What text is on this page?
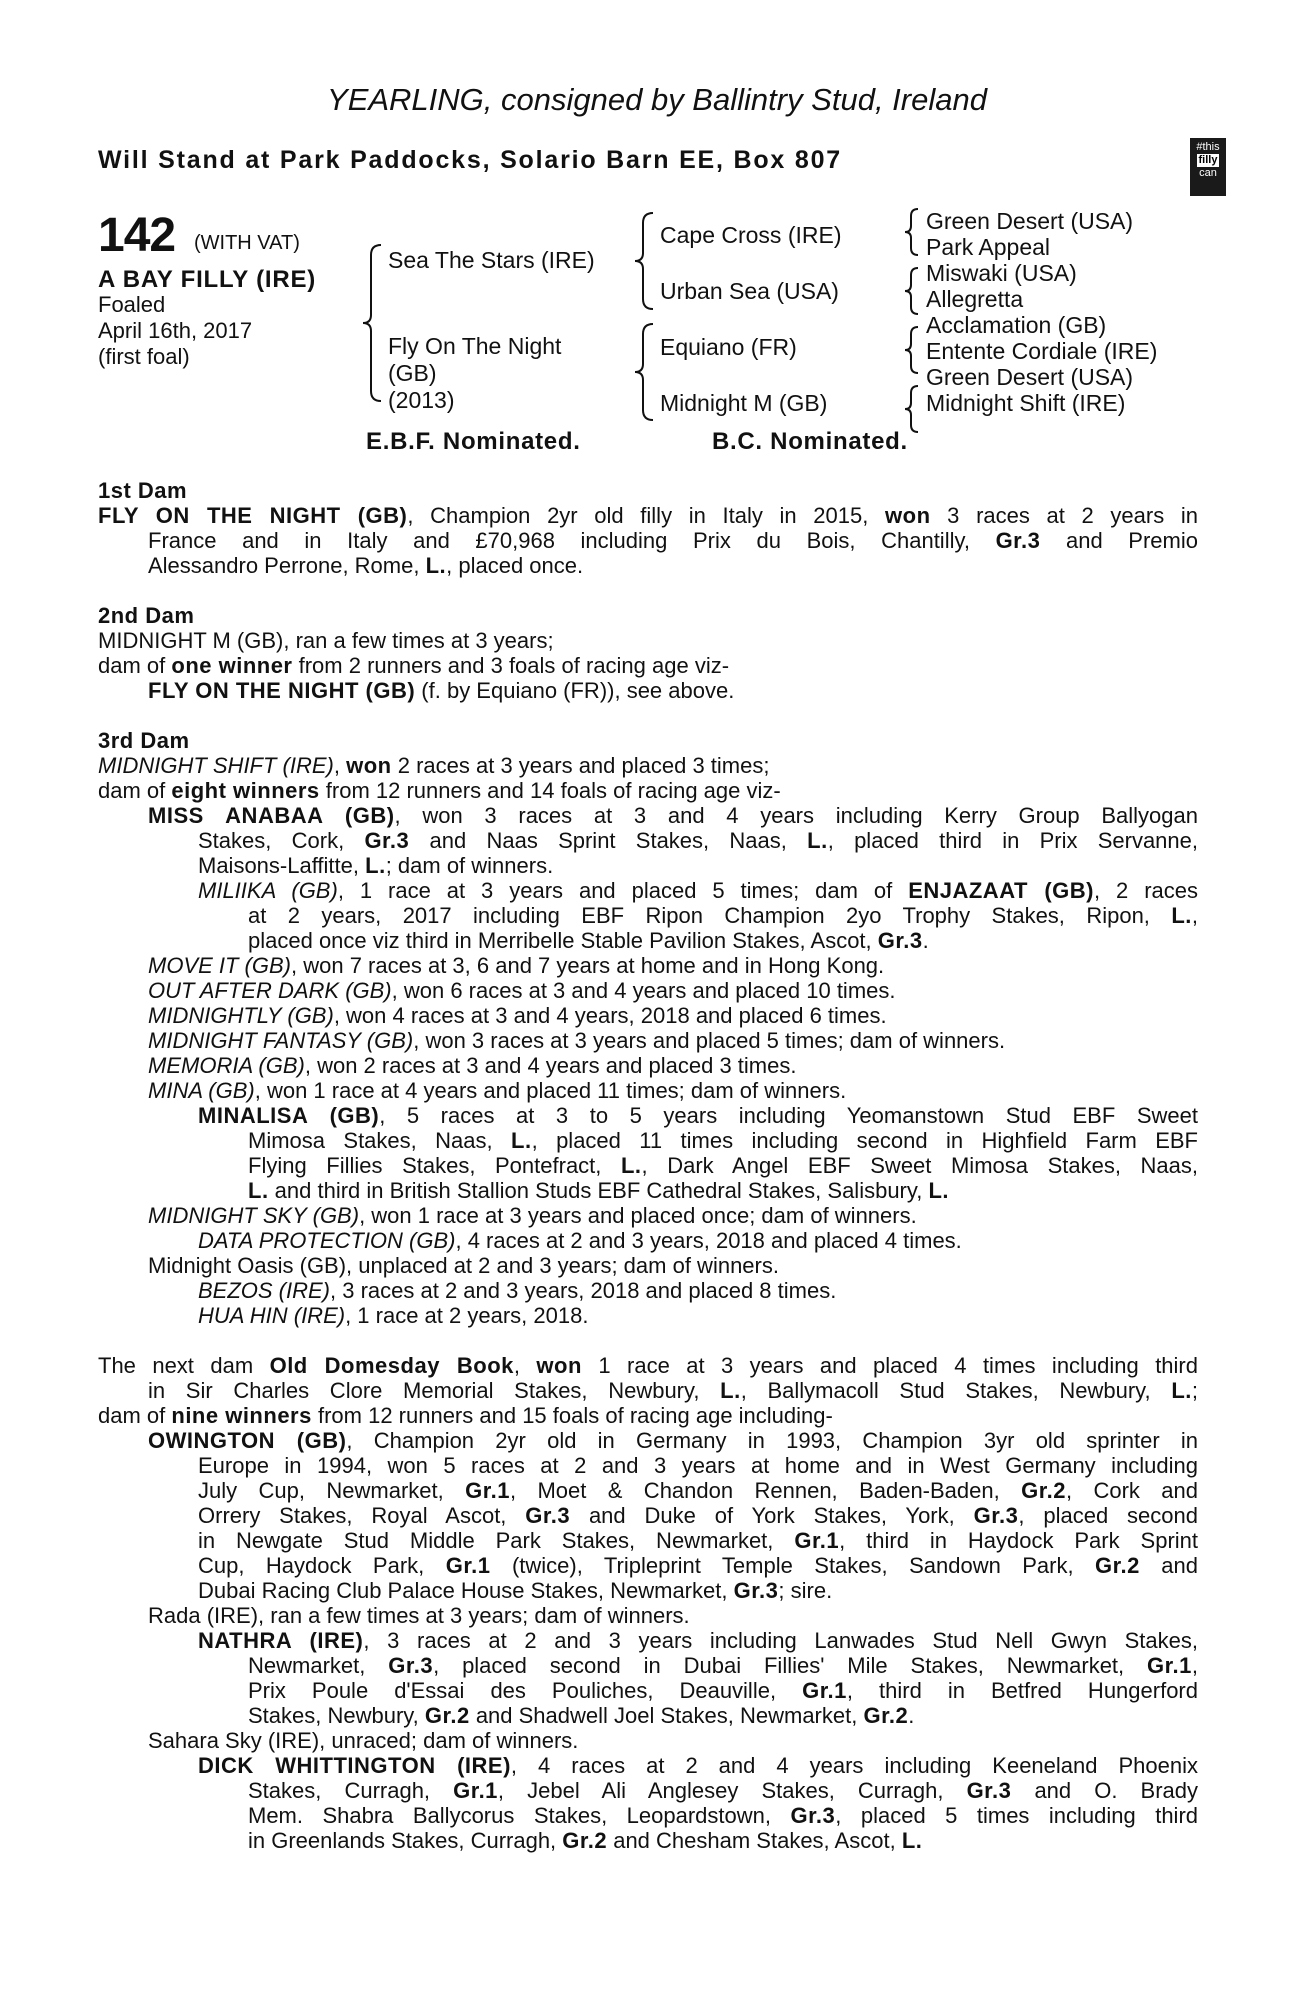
YEARLING, consigned by Ballintry Stud, Ireland
Will Stand at Park Paddocks, Solario Barn EE, Box 807	#this
filly
can
142 (WITH VAT)
A BAY FILLY (IRE)
Foaled
April 16th, 2017
(first foal)
Sea The Stars (IRE)
Fly On The Night
(GB)
(2013)
Cape Cross (IRE)
Urban Sea (USA)
Equiano (FR)
Midnight M (GB)
Green Desert (USA)
Park Appeal
Miswaki (USA)
Allegretta
Acclamation (GB)
Entente Cordiale (IRE)
Green Desert (USA)
Midnight Shift (IRE)
E.B.F. Nominated.	B.C. Nominated.
1st Dam
FLY ON THE NIGHT (GB), Champion 2yr old filly in Italy in 2015, won 3 races at 2 years in
France and in Italy and £70,968 including Prix du Bois, Chantilly, Gr.3 and Premio
Alessandro Perrone, Rome, L., placed once.
2nd Dam
MIDNIGHT M (GB), ran a few times at 3 years;
dam of one winner from 2 runners and 3 foals of racing age viz-
FLY ON THE NIGHT (GB) (f. by Equiano (FR)), see above.
3rd Dam
MIDNIGHT SHIFT (IRE), won 2 races at 3 years and placed 3 times;
dam of eight winners from 12 runners and 14 foals of racing age viz-
MISS ANABAA (GB), won 3 races at 3 and 4 years including Kerry Group Ballyogan
Stakes, Cork, Gr.3 and Naas Sprint Stakes, Naas, L., placed third in Prix Servanne,
Maisons-Laffitte, L.; dam of winners.
MILIIKA (GB), 1 race at 3 years and placed 5 times; dam of ENJAZAAT (GB), 2 races
at 2 years, 2017 including EBF Ripon Champion 2yo Trophy Stakes, Ripon, L.,
placed once viz third in Merribelle Stable Pavilion Stakes, Ascot, Gr.3.
MOVE IT (GB), won 7 races at 3, 6 and 7 years at home and in Hong Kong.
OUT AFTER DARK (GB), won 6 races at 3 and 4 years and placed 10 times.
MIDNIGHTLY (GB), won 4 races at 3 and 4 years, 2018 and placed 6 times.
MIDNIGHT FANTASY (GB), won 3 races at 3 years and placed 5 times; dam of winners.
MEMORIA (GB), won 2 races at 3 and 4 years and placed 3 times.
MINA (GB), won 1 race at 4 years and placed 11 times; dam of winners.
MINALISA (GB), 5 races at 3 to 5 years including Yeomanstown Stud EBF Sweet
Mimosa Stakes, Naas, L., placed 11 times including second in Highfield Farm EBF
Flying Fillies Stakes, Pontefract, L., Dark Angel EBF Sweet Mimosa Stakes, Naas,
L. and third in British Stallion Studs EBF Cathedral Stakes, Salisbury, L.
MIDNIGHT SKY (GB), won 1 race at 3 years and placed once; dam of winners.
DATA PROTECTION (GB), 4 races at 2 and 3 years, 2018 and placed 4 times.
Midnight Oasis (GB), unplaced at 2 and 3 years; dam of winners.
BEZOS (IRE), 3 races at 2 and 3 years, 2018 and placed 8 times.
HUA HIN (IRE), 1 race at 2 years, 2018.
The next dam Old Domesday Book, won 1 race at 3 years and placed 4 times including third
in Sir Charles Clore Memorial Stakes, Newbury, L., Ballymacoll Stud Stakes, Newbury, L.;
dam of nine winners from 12 runners and 15 foals of racing age including-
OWINGTON (GB), Champion 2yr old in Germany in 1993, Champion 3yr old sprinter in
Europe in 1994, won 5 races at 2 and 3 years at home and in West Germany including
July Cup, Newmarket, Gr.1, Moet & Chandon Rennen, Baden-Baden, Gr.2, Cork and
Orrery Stakes, Royal Ascot, Gr.3 and Duke of York Stakes, York, Gr.3, placed second
in Newgate Stud Middle Park Stakes, Newmarket, Gr.1, third in Haydock Park Sprint
Cup, Haydock Park, Gr.1 (twice), Tripleprint Temple Stakes, Sandown Park, Gr.2 and
Dubai Racing Club Palace House Stakes, Newmarket, Gr.3; sire.
Rada (IRE), ran a few times at 3 years; dam of winners.
NATHRA (IRE), 3 races at 2 and 3 years including Lanwades Stud Nell Gwyn Stakes,
Newmarket, Gr.3, placed second in Dubai Fillies' Mile Stakes, Newmarket, Gr.1,
Prix Poule d'Essai des Pouliches, Deauville, Gr.1, third in Betfred Hungerford
Stakes, Newbury, Gr.2 and Shadwell Joel Stakes, Newmarket, Gr.2.
Sahara Sky (IRE), unraced; dam of winners.
DICK WHITTINGTON (IRE), 4 races at 2 and 4 years including Keeneland Phoenix
Stakes, Curragh, Gr.1, Jebel Ali Anglesey Stakes, Curragh, Gr.3 and O. Brady
Mem. Shabra Ballycorus Stakes, Leopardstown, Gr.3, placed 5 times including third
in Greenlands Stakes, Curragh, Gr.2 and Chesham Stakes, Ascot, L.
